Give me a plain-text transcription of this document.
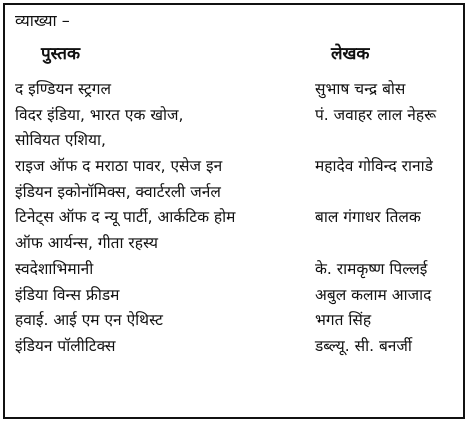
व्याख्या –
पुस्तक	लेखक
द इण्डियन स्ट्रगल	सुभाष चन्द्र बोस
विदर इंडिया, भारत एक खोज,	पं. जवाहर लाल नेहरू
सोवियत एशिया,
राइज ऑफ द मराठा पावर, एसेज इन	महादेव गोविन्द रानाडे
इंडियन इकोनॉमिक्स, क्वार्टरली जर्नल
टिनेट्स ऑफ द न्यू पार्टी, आर्कटिक होम	बाल गंगाधर तिलक
ऑफ आर्यन्स, गीता रहस्य
स्वदेशाभिमानी	के. रामकृष्ण पिल्लई
इंडिया विन्स फ्रीडम	अबुल कलाम आजाद
हवाई. आई एम एन ऐथिस्ट	भगत सिंह
इंडियन पॉलीटिक्स	डब्ल्यू. सी. बनर्जी
